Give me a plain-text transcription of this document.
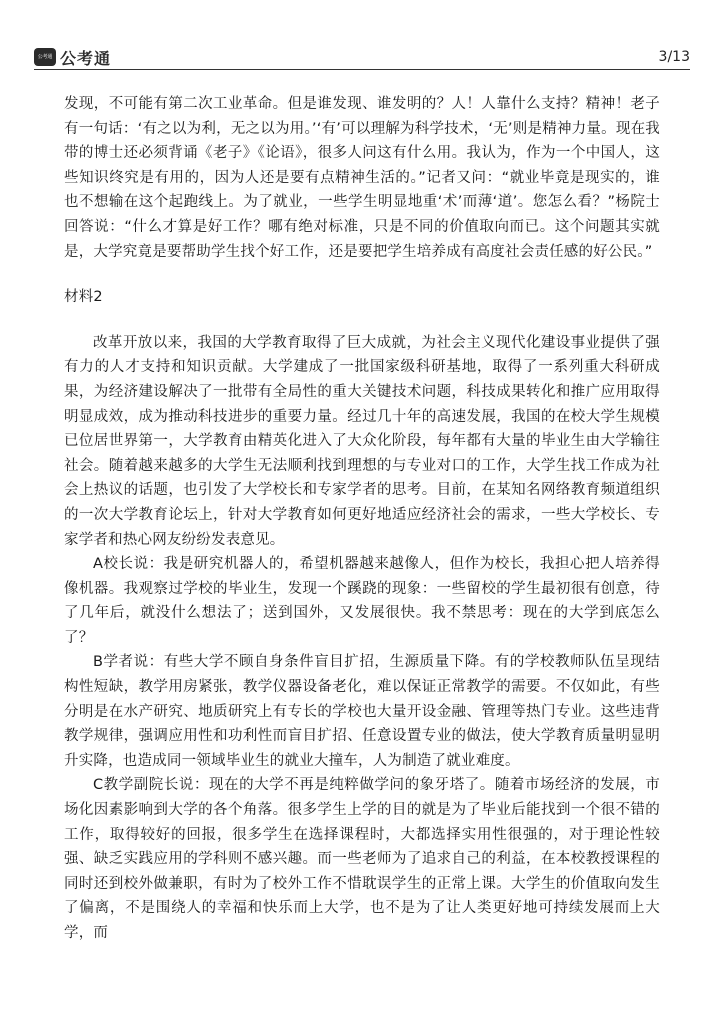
公考通 公考通	3/13

发现，不可能有第二次工业革命。但是谁发现、谁发明的？人！人靠什么支持？精神！老子有一句话：‘有之以为利，无之以为用。’‘有’可以理解为科学技术，‘无’则是精神力量。现在我带的博士还必须背诵《老子》《论语》，很多人问这有什么用。我认为，作为一个中国人，这些知识终究是有用的，因为人还是要有点精神生活的。”记者又问：“就业毕竟是现实的，谁也不想输在这个起跑线上。为了就业，一些学生明显地重‘术’而薄‘道’。您怎么看？”杨院士回答说：“什么才算是好工作？哪有绝对标准，只是不同的价值取向而已。这个问题其实就是，大学究竟是要帮助学生找个好工作，还是要把学生培养成有高度社会责任感的好公民。”

材料2

改革开放以来，我国的大学教育取得了巨大成就，为社会主义现代化建设事业提供了强有力的人才支持和知识贡献。大学建成了一批国家级科研基地，取得了一系列重大科研成果，为经济建设解决了一批带有全局性的重大关键技术问题，科技成果转化和推广应用取得明显成效，成为推动科技进步的重要力量。经过几十年的高速发展，我国的在校大学生规模已位居世界第一，大学教育由精英化进入了大众化阶段，每年都有大量的毕业生由大学输往社会。随着越来越多的大学生无法顺利找到理想的与专业对口的工作，大学生找工作成为社会上热议的话题，也引发了大学校长和专家学者的思考。目前，在某知名网络教育频道组织的一次大学教育论坛上，针对大学教育如何更好地适应经济社会的需求，一些大学校长、专家学者和热心网友纷纷发表意见。

A校长说：我是研究机器人的，希望机器越来越像人，但作为校长，我担心把人培养得像机器。我观察过学校的毕业生，发现一个蹊跷的现象：一些留校的学生最初很有创意，待了几年后，就没什么想法了；送到国外，又发展很快。我不禁思考：现在的大学到底怎么了？

B学者说：有些大学不顾自身条件盲目扩招，生源质量下降。有的学校教师队伍呈现结构性短缺，教学用房紧张，教学仪器设备老化，难以保证正常教学的需要。不仅如此，有些分明是在水产研究、地质研究上有专长的学校也大量开设金融、管理等热门专业。这些违背教学规律，强调应用性和功利性而盲目扩招、任意设置专业的做法，使大学教育质量明显明升实降，也造成同一领域毕业生的就业大撞车，人为制造了就业难度。

C教学副院长说：现在的大学不再是纯粹做学问的象牙塔了。随着市场经济的发展，市场化因素影响到大学的各个角落。很多学生上学的目的就是为了毕业后能找到一个很不错的工作，取得较好的回报，很多学生在选择课程时，大都选择实用性很强的，对于理论性较强、缺乏实践应用的学科则不感兴趣。而一些老师为了追求自己的利益，在本校教授课程的同时还到校外做兼职，有时为了校外工作不惜耽误学生的正常上课。大学生的价值取向发生了偏离，不是围绕人的幸福和快乐而上大学，也不是为了让人类更好地可持续发展而上大学，而
